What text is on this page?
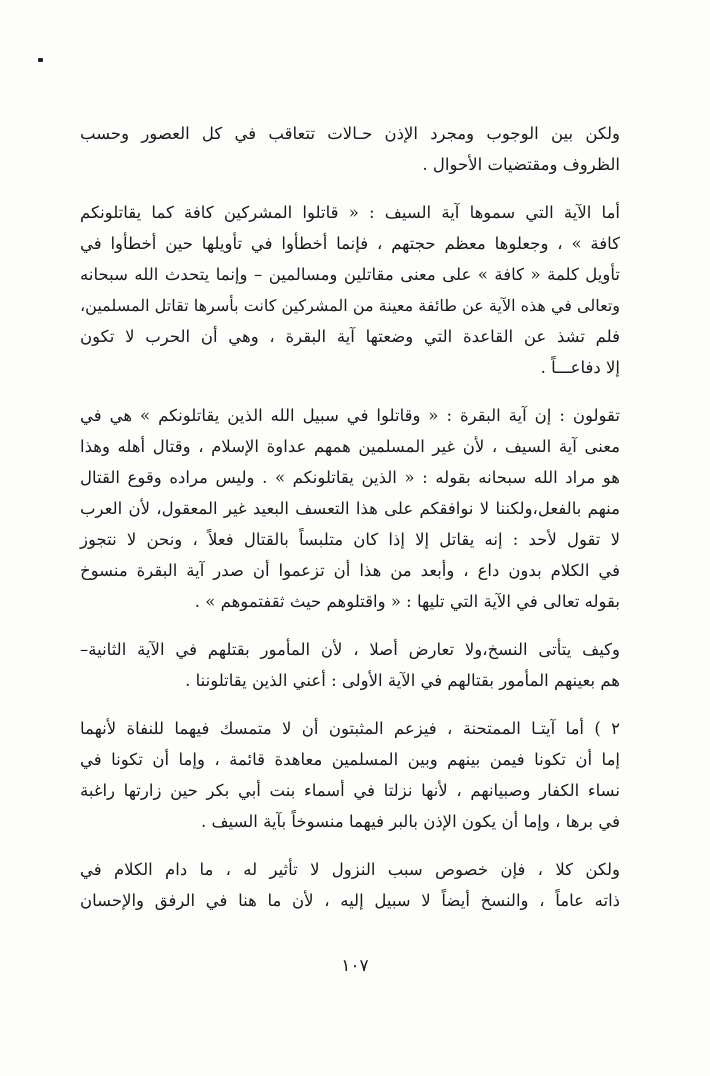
ولكن بين الوجوب ومجرد الإذن حـالات تتعاقب في كل العصور وحسب
الظروف ومقتضيات الأحوال .

أما الآية التي سموها آية السيف : « قاتلوا المشركين كافة كما يقاتلونكم
كافة » ، وجعلوها معظم حجتهم ، فإنما أخطأوا في تأويلها حين أخطأوا في
تأويل كلمة « كافة » على معنى مقاتلين ومسالمين – وإنما يتحدث الله سبحانه
وتعالى في هذه الآية عن طائفة معينة من المشركين كانت بأسرها تقاتل المسلمين،
فلم تشذ عن القاعدة التي وضعتها آية البقرة ، وهي أن الحرب لا تكون
إلا دفاعـــاً .

تقولون : إن آية البقرة : « وقاتلوا في سبيل الله الذين يقاتلونكم » هي في
معنى آية السيف ، لأن غير المسلمين همهم عداوة الإسلام ، وقتال أهله وهذا
هو مراد الله سبحانه بقوله : « الذين يقاتلونكم » . وليس مراده وقوع القتال
منهم بالفعل،ولكننا لا نوافقكم على هذا التعسف البعيد غير المعقول، لأن العرب
لا تقول لأحد : إنه يقاتل إلا إذا كان متلبساً بالقتال فعلاً ، ونحن لا نتجوز
في الكلام بدون داع ، وأبعد من هذا أن تزعموا أن صدر آية البقرة منسوخ
بقوله تعالى في الآية التي تليها : « واقتلوهم حيث ثقفتموهم » .

وكيف يتأتى النسخ،ولا تعارض أصلا ، لأن المأمور بقتلهم في الآية الثانية–
هم بعينهم المأمور بقتالهم في الآية الأولى : أعني الذين يقاتلوننا .

٢ ) أما آيتـا الممتحنة ، فيزعم المثبتون أن لا متمسك فيهما للنفاة لأنهما
إما أن تكونا فيمن بينهم وبين المسلمين معاهدة قائمة ، وإما أن تكونا في
نساء الكفار وصبيانهم ، لأنها نزلتا في أسماء بنت أبي بكر حين زارتها راغبة
في برها ، وإما أن يكون الإذن بالبر فيهما منسوخاً بآية السيف .

ولكن كلا ، فإن خصوص سبب النزول لا تأثير له ، ما دام الكلام في
ذاته عاماً ، والنسخ أيضاً لا سبيل إليه ، لأن ما هنا في الرفق والإحسان

١٠٧
